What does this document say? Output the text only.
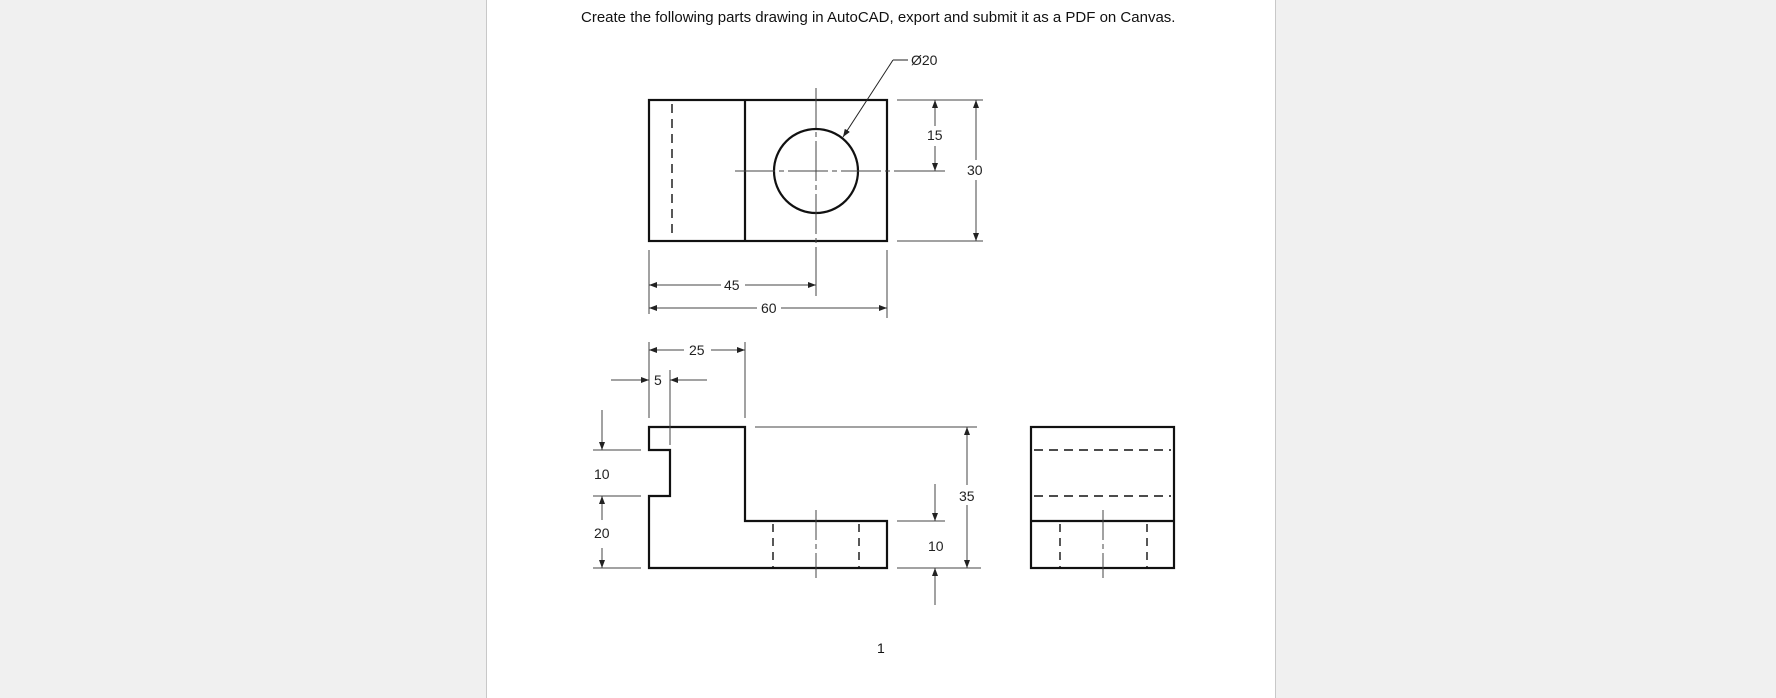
Create the following parts drawing in AutoCAD, export and submit it as a PDF on Canvas.
Ø20
15
30
45
60
25
5
10
20
35
10
1
